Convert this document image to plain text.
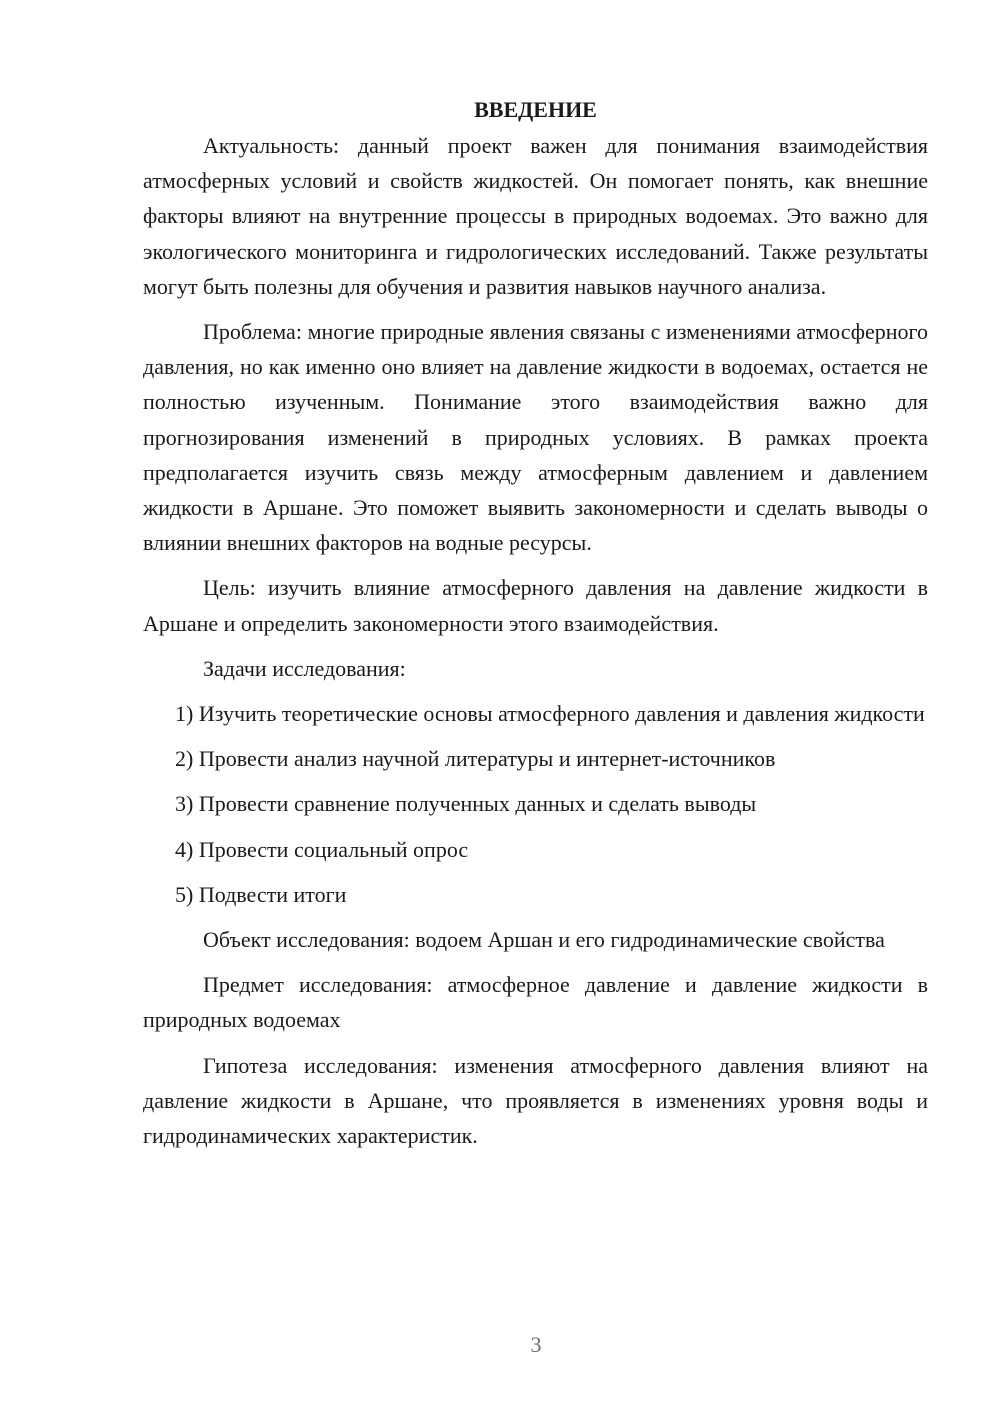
ВВЕДЕНИЕ

Актуальность: данный проект важен для понимания взаимодействия атмосферных условий и свойств жидкостей. Он помогает понять, как внешние факторы влияют на внутренние процессы в природных водоемах. Это важно для экологического мониторинга и гидрологических исследований. Также результаты могут быть полезны для обучения и развития навыков научного анализа.

Проблема: многие природные явления связаны с изменениями атмосферного давления, но как именно оно влияет на давление жидкости в водоемах, остается не полностью изученным. Понимание этого взаимодействия важно для прогнозирования изменений в природных условиях. В рамках проекта предполагается изучить связь между атмосферным давлением и давлением жидкости в Аршане. Это поможет выявить закономерности и сделать выводы о влиянии внешних факторов на водные ресурсы.

Цель: изучить влияние атмосферного давления на давление жидкости в Аршане и определить закономерности этого взаимодействия.

Задачи исследования:

1) Изучить теоретические основы атмосферного давления и давления жидкости

2) Провести анализ научной литературы и интернет-источников

3) Провести сравнение полученных данных и сделать выводы

4) Провести социальный опрос

5) Подвести итоги

Объект исследования: водоем Аршан и его гидродинамические свойства

Предмет исследования: атмосферное давление и давление жидкости в природных водоемах

Гипотеза исследования: изменения атмосферного давления влияют на давление жидкости в Аршане, что проявляется в изменениях уровня воды и гидродинамических характеристик.

3
